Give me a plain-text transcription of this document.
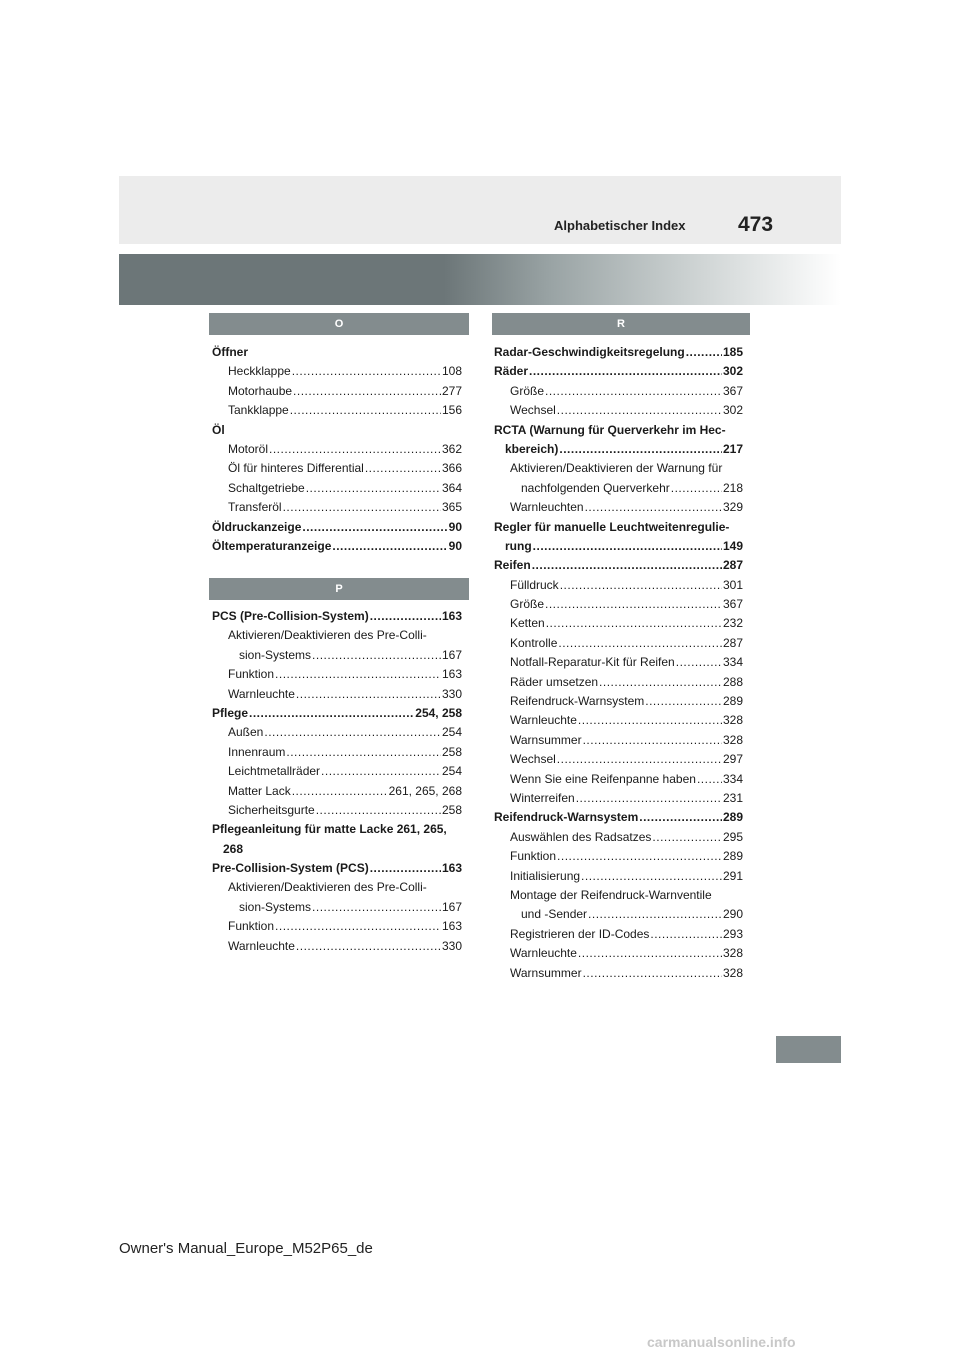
Alphabetischer Index	473
O
Öffner
Heckklappe .....	108
Motorhaube .....	277
Tankklappe .....	156
Öl
Motoröl .....	362
Öl für hinteres Differential .....	366
Schaltgetriebe .....	364
Transferöl .....	365
Öldruckanzeige .....	90
Öltemperaturanzeige .....	90
P
PCS (Pre-Collision-System) .....	163
Aktivieren/Deaktivieren des Pre-Colli-
sion-Systems .....	167
Funktion .....	163
Warnleuchte .....	330
Pflege .....	254, 258
Außen .....	254
Innenraum .....	258
Leichtmetallräder .....	254
Matter Lack .....	261, 265, 268
Sicherheitsgurte .....	258
Pflegeanleitung für matte Lacke 261, 265,
268
Pre-Collision-System (PCS) .....	163
Aktivieren/Deaktivieren des Pre-Colli-
sion-Systems .....	167
Funktion .....	163
Warnleuchte .....	330
R
Radar-Geschwindigkeitsregelung .....	185
Räder .....	302
Größe .....	367
Wechsel .....	302
RCTA (Warnung für Querverkehr im Hec-
kbereich) .....	217
Aktivieren/Deaktivieren der Warnung für
nachfolgenden Querverkehr .....	218
Warnleuchten .....	329
Regler für manuelle Leuchtweitenregulie-
rung .....	149
Reifen .....	287
Fülldruck .....	301
Größe .....	367
Ketten .....	232
Kontrolle .....	287
Notfall-Reparatur-Kit für Reifen .....	334
Räder umsetzen .....	288
Reifendruck-Warnsystem .....	289
Warnleuchte .....	328
Warnsummer .....	328
Wechsel .....	297
Wenn Sie eine Reifenpanne haben ..... 334
Winterreifen .....	231
Reifendruck-Warnsystem .....	289
Auswählen des Radsatzes .....	295
Funktion .....	289
Initialisierung .....	291
Montage der Reifendruck-Warnventile
und -Sender .....	290
Registrieren der ID-Codes .....	293
Warnleuchte .....	328
Warnsummer .....	328
Owner's Manual_Europe_M52P65_de
carmanualsonline.info
